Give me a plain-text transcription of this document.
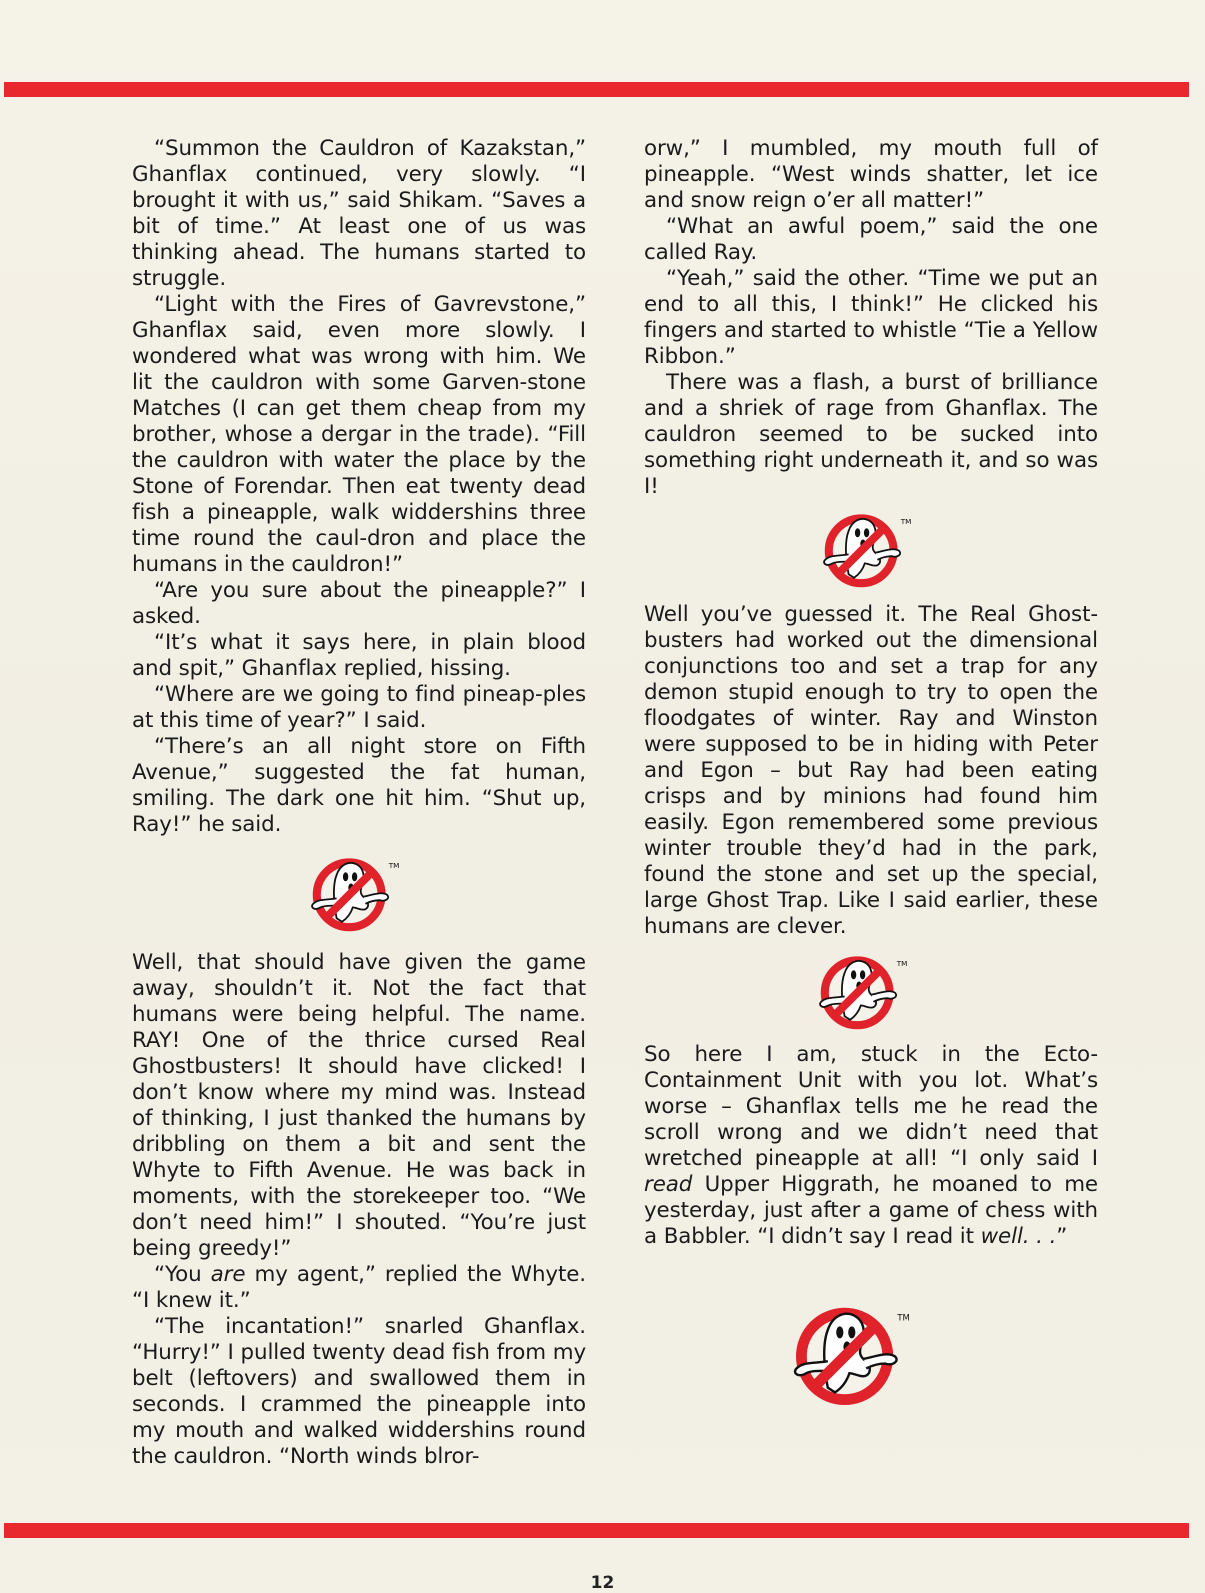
“Summon the Cauldron of Kazakstan,” Ghanflax continued, very slowly. “I brought it with us,” said Shikam. “Saves a bit of time.” At least one of us was thinking ahead. The humans started to struggle.

“Light with the Fires of Gavrevstone,” Ghanflax said, even more slowly. I wondered what was wrong with him. We lit the cauldron with some Garven-stone Matches (I can get them cheap from my brother, whose a dergar in the trade). “Fill the cauldron with water the place by the Stone of Forendar. Then eat twenty dead fish a pineapple, walk widdershins three time round the caul-dron and place the humans in the cauldron!”

“Are you sure about the pineapple?” I asked.

“It’s what it says here, in plain blood and spit,” Ghanflax replied, hissing.

“Where are we going to find pineap-ples at this time of year?” I said.

“There’s an all night store on Fifth Avenue,” suggested the fat human, smiling. The dark one hit him. “Shut up, Ray!” he said.

TM

Well, that should have given the game away, shouldn’t it. Not the fact that humans were being helpful. The name. RAY! One of the thrice cursed Real Ghostbusters! It should have clicked! I don’t know where my mind was. Instead of thinking, I just thanked the humans by dribbling on them a bit and sent the Whyte to Fifth Avenue. He was back in moments, with the storekeeper too. “We don’t need him!” I shouted. “You’re just being greedy!”

“You are my agent,” replied the Whyte. “I knew it.”

“The incantation!” snarled Ghanflax. “Hurry!” I pulled twenty dead fish from my belt (leftovers) and swallowed them in seconds. I crammed the pineapple into my mouth and walked widdershins round the cauldron. “North winds blror-

orw,” I mumbled, my mouth full of pineapple. “West winds shatter, let ice and snow reign o’er all matter!”

“What an awful poem,” said the one called Ray.

“Yeah,” said the other. “Time we put an end to all this, I think!” He clicked his fingers and started to whistle “Tie a Yellow Ribbon.”

There was a flash, a burst of brilliance and a shriek of rage from Ghanflax. The cauldron seemed to be sucked into something right underneath it, and so was I!

TM

Well you’ve guessed it. The Real Ghost-busters had worked out the dimensional conjunctions too and set a trap for any demon stupid enough to try to open the floodgates of winter. Ray and Winston were supposed to be in hiding with Peter and Egon – but Ray had been eating crisps and by minions had found him easily. Egon remembered some previous winter trouble they’d had in the park, found the stone and set up the special, large Ghost Trap. Like I said earlier, these humans are clever.

TM

So here I am, stuck in the Ecto-Containment Unit with you lot. What’s worse – Ghanflax tells me he read the scroll wrong and we didn’t need that wretched pineapple at all! “I only said I read Upper Higgrath, he moaned to me yesterday, just after a game of chess with a Babbler. “I didn’t say I read it well. . .”

TM
12
